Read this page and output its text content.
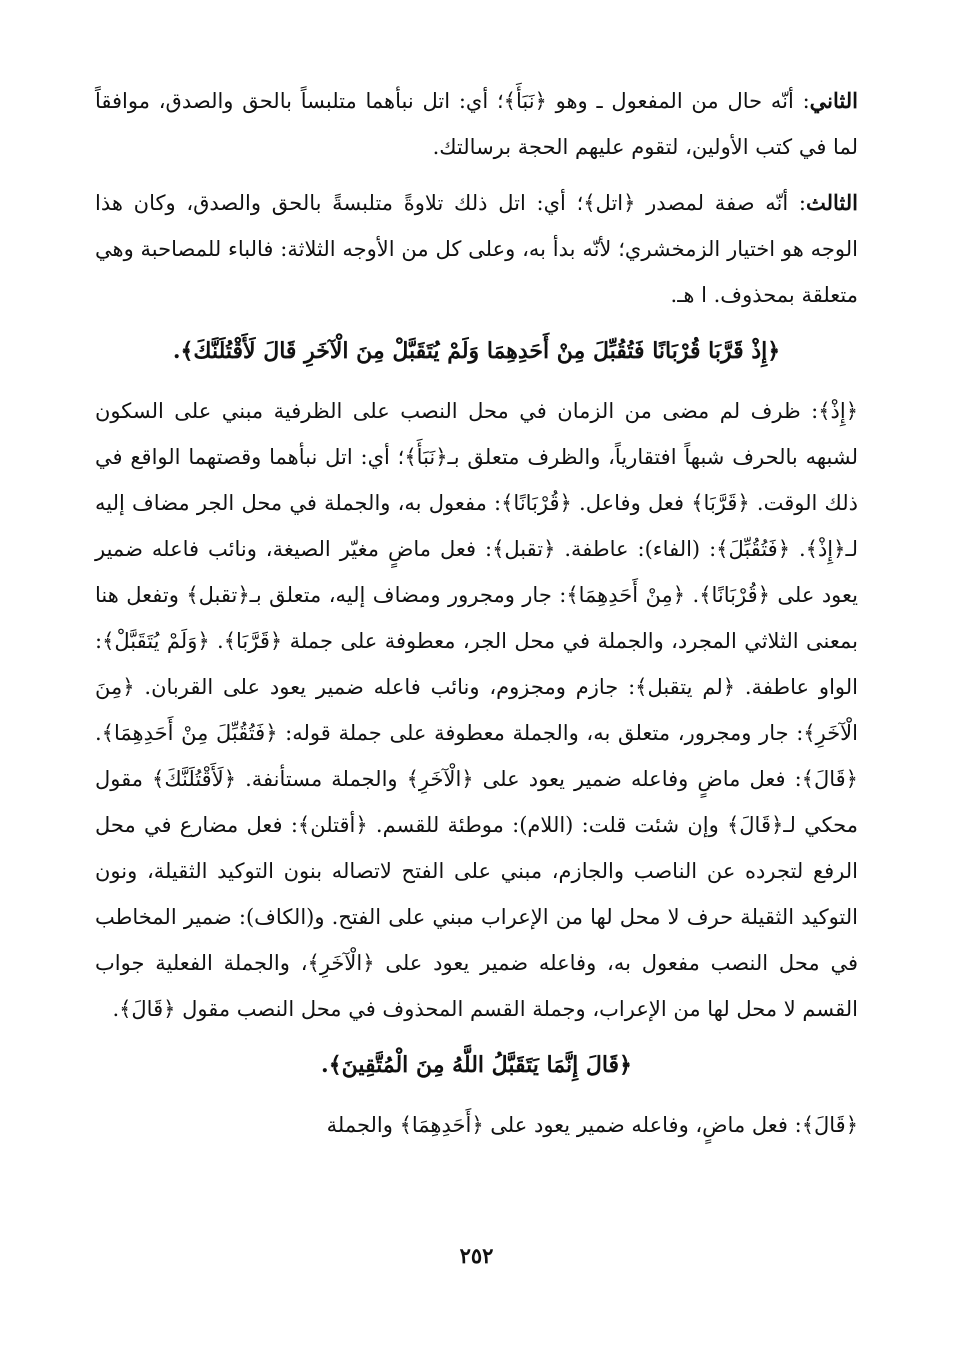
الثاني: أنّه حال من المفعول ـ وهو ﴿نَبَأَ﴾؛ أي: اتل نبأهما متلبساً بالحق والصدق، موافقاً لما في كتب الأولين، لتقوم عليهم الحجة برسالتك.

الثالث: أنّه صفة لمصدر ﴿اتل﴾؛ أي: اتل ذلك تلاوةً متلبسةً بالحق والصدق، وكان هذا الوجه هو اختيار الزمخشري؛ لأنّه بدأ به، وعلى كل من الأوجه الثلاثة: فالباء للمصاحبة وهي متعلقة بمحذوف. ا هـ.

﴿إِذْ قَرَّبَا قُرْبَانًا فَتُقُبِّلَ مِنْ أَحَدِهِمَا وَلَمْ يُتَقَبَّلْ مِنَ الْآخَرِ قَالَ لَأَقْتُلَنَّكَ﴾.

﴿إِذْ﴾: ظرف لم مضى من الزمان في محل النصب على الظرفية مبني على السكون لشبهه بالحرف شبهاً افتقارياً، والظرف متعلق بـ﴿نَبَأَ﴾؛ أي: اتل نبأهما وقصتهما الواقع في ذلك الوقت. ﴿قَرَّبَا﴾ فعل وفاعل. ﴿قُرْبَانًا﴾: مفعول به، والجملة في محل الجر مضاف إليه لـ﴿إِذْ﴾. ﴿فَتُقُبِّلَ﴾: (الفاء): عاطفة. ﴿تقبل﴾: فعل ماضٍ مغيّر الصيغة، ونائب فاعله ضمير يعود على ﴿قُرْبَانًا﴾. ﴿مِنْ أَحَدِهِمَا﴾: جار ومجرور ومضاف إليه، متعلق بـ﴿تقبل﴾ وتفعل هنا بمعنى الثلاثي المجرد، والجملة في محل الجر، معطوفة على جملة ﴿قَرَّبَا﴾. ﴿وَلَمْ يُتَقَبَّلْ﴾: الواو عاطفة. ﴿لم يتقبل﴾: جازم ومجزوم، ونائب فاعله ضمير يعود على القربان. ﴿مِنَ الْآخَرِ﴾: جار ومجرور، متعلق به، والجملة معطوفة على جملة قوله: ﴿فَتُقُبِّلَ مِنْ أَحَدِهِمَا﴾. ﴿قَالَ﴾: فعل ماضٍ وفاعله ضمير يعود على ﴿الْآخَرِ﴾ والجملة مستأنفة. ﴿لَأَقْتُلَنَّكَ﴾ مقول محكي لـ﴿قَالَ﴾ وإن شئت قلت: (اللام): موطئة للقسم. ﴿أقتلن﴾: فعل مضارع في محل الرفع لتجرده عن الناصب والجازم، مبني على الفتح لاتصاله بنون التوكيد الثقيلة، ونون التوكيد الثقيلة حرف لا محل لها من الإعراب مبني على الفتح. و(الكاف): ضمير المخاطب في محل النصب مفعول به، وفاعله ضمير يعود على ﴿الْآخَرِ﴾، والجملة الفعلية جواب القسم لا محل لها من الإعراب، وجملة القسم المحذوف في محل النصب مقول ﴿قَالَ﴾.

﴿قَالَ إِنَّمَا يَتَقَبَّلُ اللَّهُ مِنَ الْمُتَّقِينَ﴾.

﴿قَالَ﴾: فعل ماضٍ، وفاعله ضمير يعود على ﴿أَحَدِهِمَا﴾ والجملة

٢٥٢
